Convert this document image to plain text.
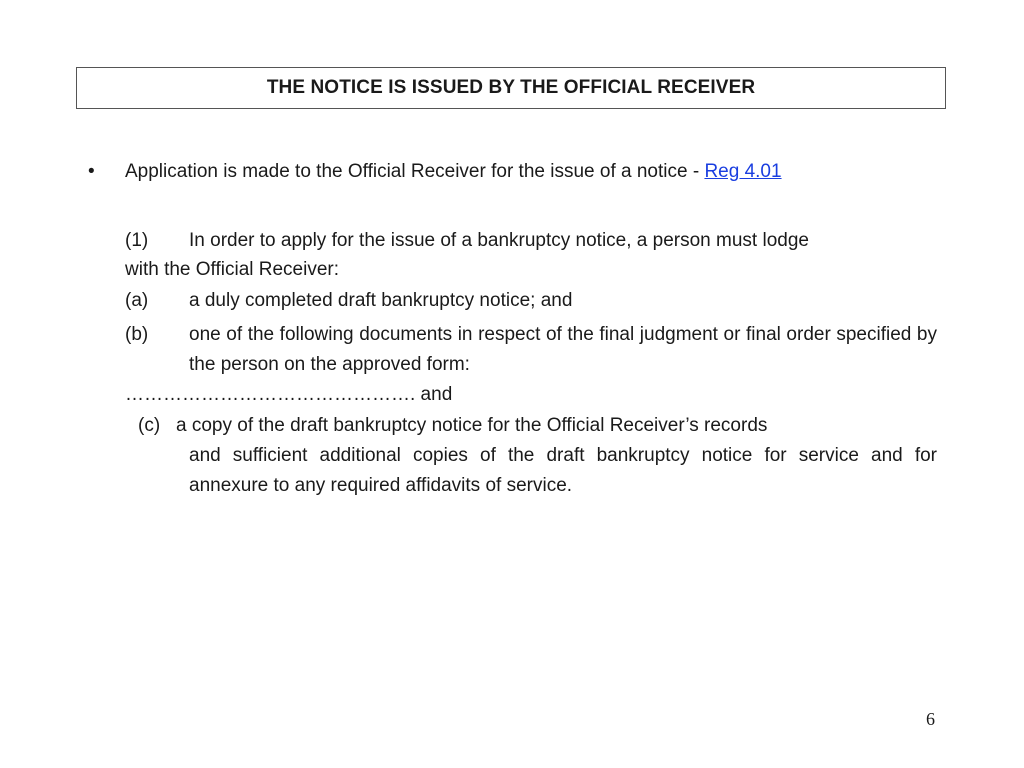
THE NOTICE IS ISSUED BY THE OFFICIAL RECEIVER
• Application is made to the Official Receiver for the issue of a notice - Reg 4.01
(1) In order to apply for the issue of a bankruptcy notice, a person must lodge
with the Official Receiver:
(a) a duly completed draft bankruptcy notice; and
(b) one of the following documents in respect of the final judgment or final order specified by the person on the approved form:
………………………………………. and
(c)   a copy of the draft bankruptcy notice for the Official Receiver’s records
and sufficient additional copies of the draft bankruptcy notice for service and for annexure to any required affidavits of service.
6
